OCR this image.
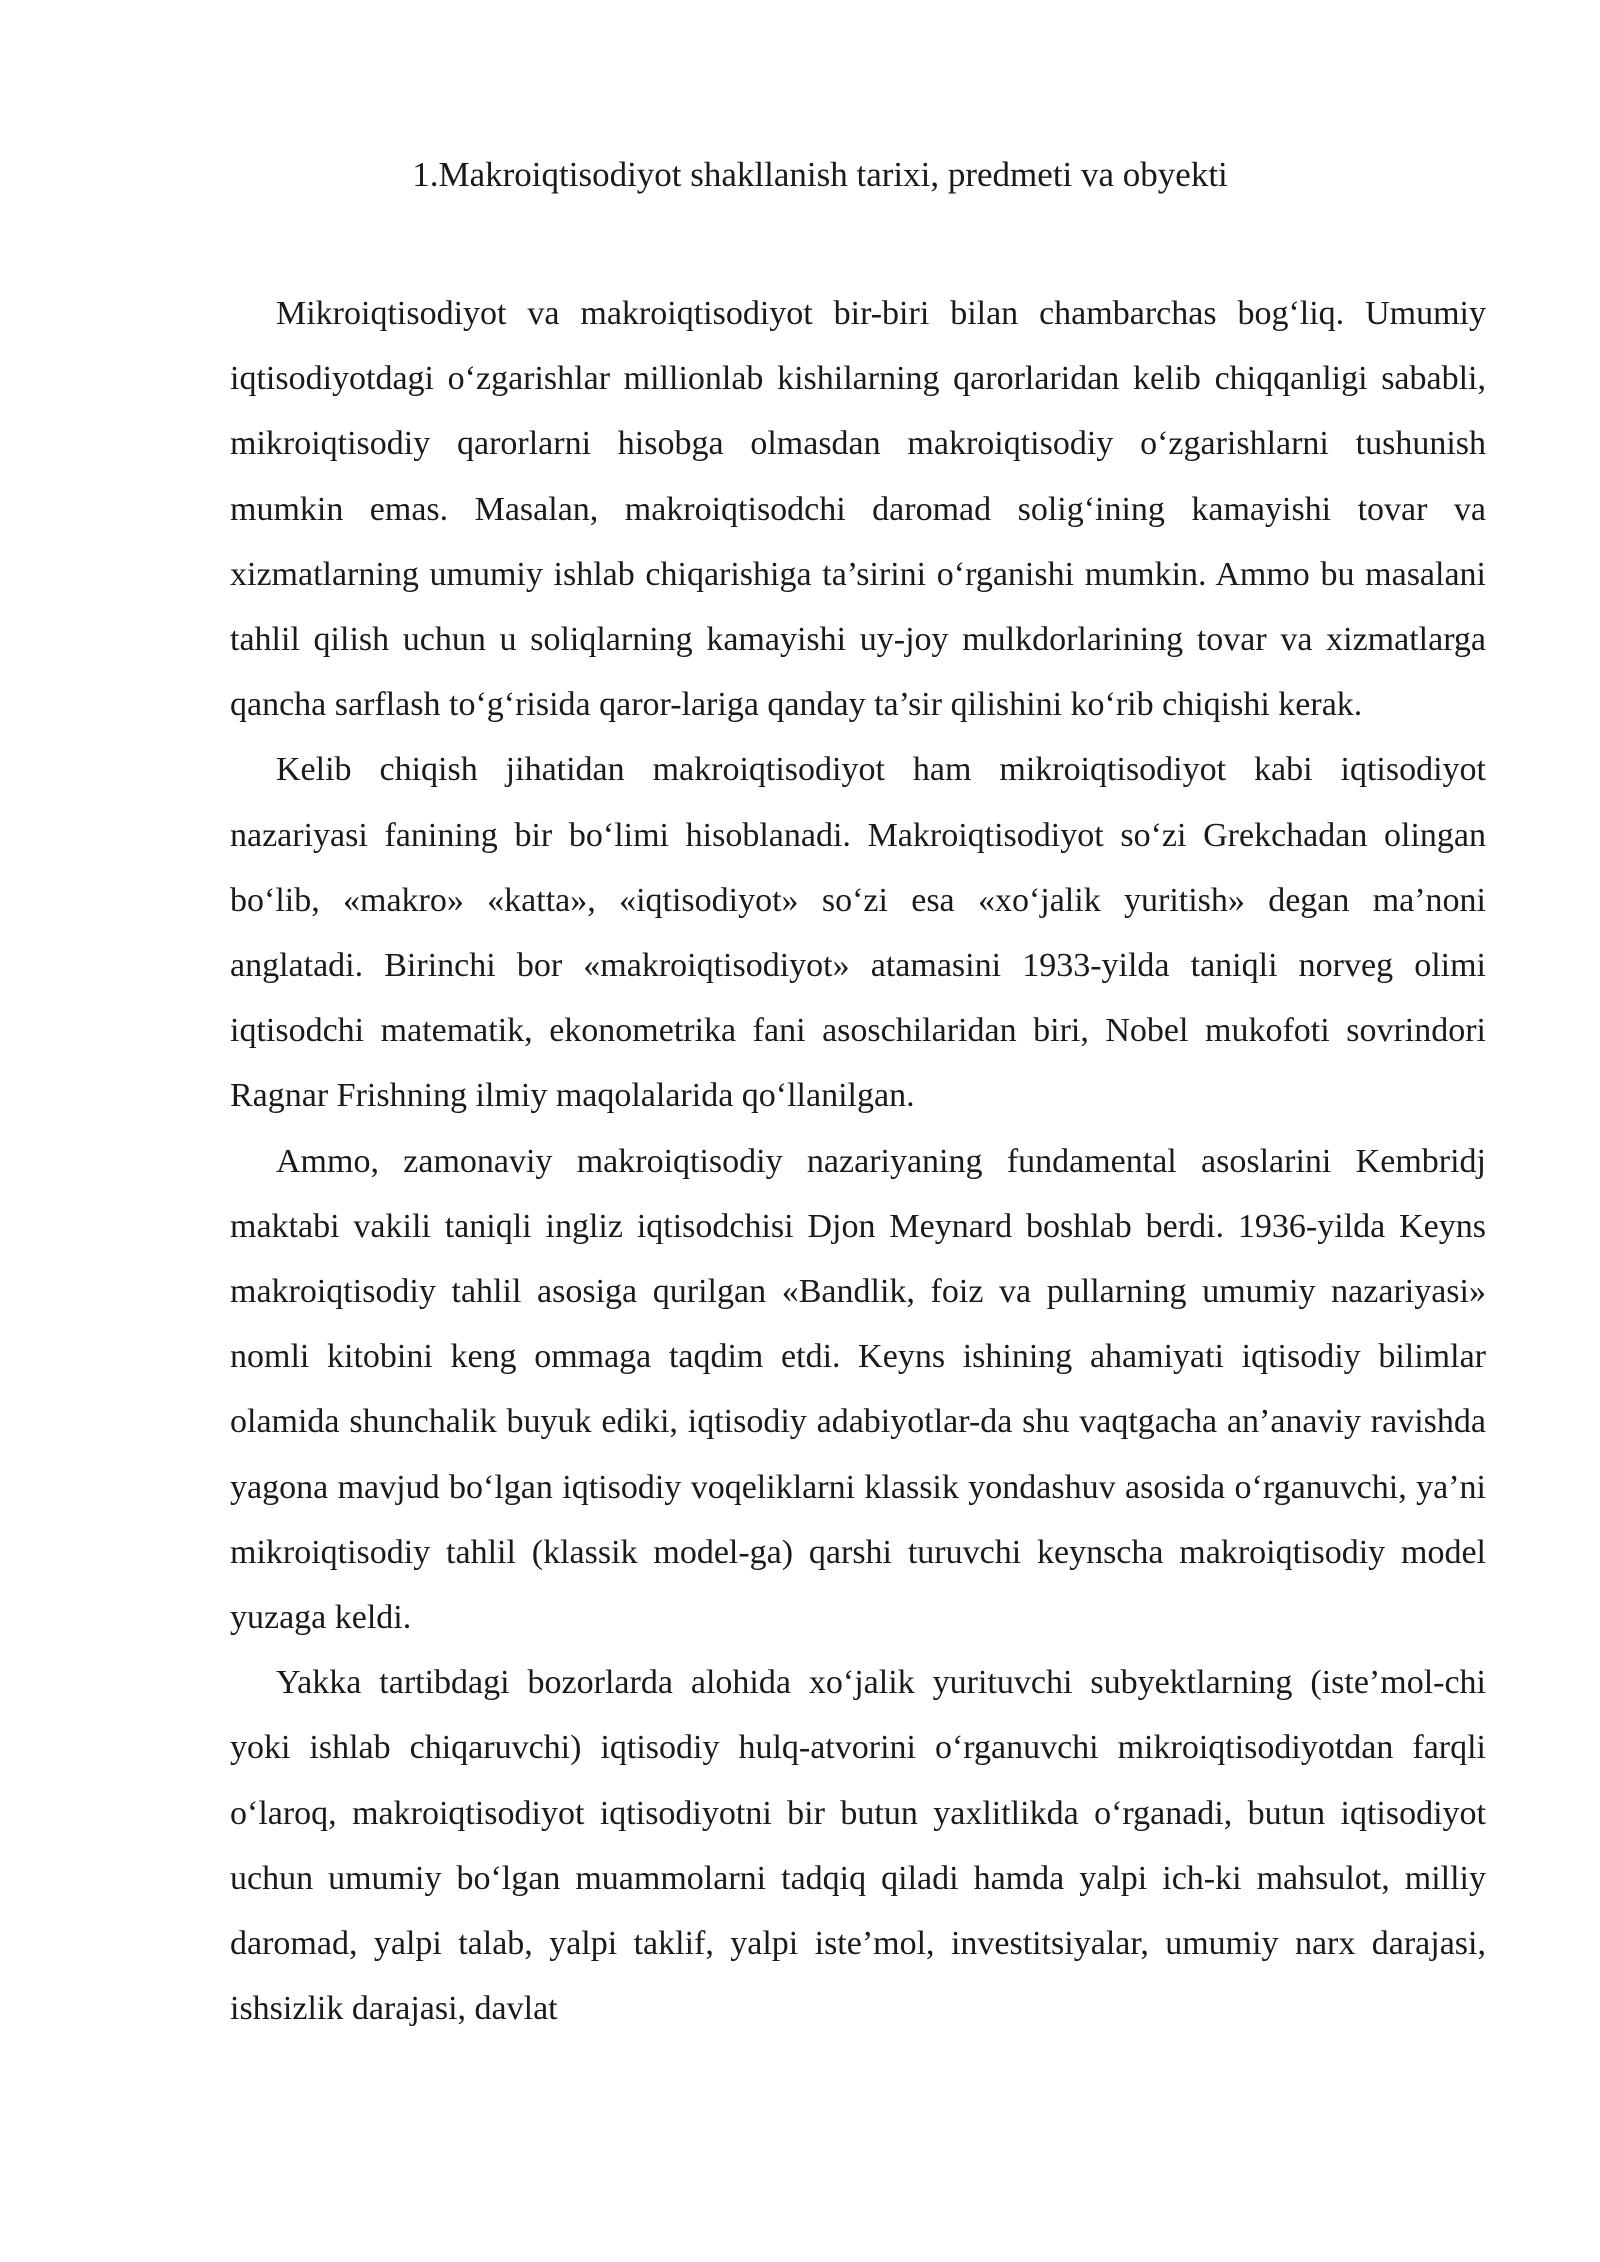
1.Makroiqtisodiyot shakllanish tarixi, predmeti va obyekti

Mikroiqtisodiyot va makroiqtisodiyot bir-biri bilan chambarchas bog‘liq. Umumiy iqtisodiyotdagi o‘zgarishlar millionlab kishilarning qarorlaridan kelib chiqqanligi sababli, mikroiqtisodiy qarorlarni hisobga olmasdan makroiqtisodiy o‘zgarishlarni tushunish mumkin emas. Masalan, makroiqtisodchi daromad solig‘ining kamayishi tovar va xizmatlarning umumiy ishlab chiqarishiga ta’sirini o‘rganishi mumkin. Ammo bu masalani tahlil qilish uchun u soliqlarning kamayishi uy-joy mulkdorlarining tovar va xizmatlarga qancha sarflash to‘g‘risida qaror-lariga qanday ta’sir qilishini ko‘rib chiqishi kerak.

Kelib chiqish jihatidan makroiqtisodiyot ham mikroiqtisodiyot kabi iqtisodiyot nazariyasi fanining bir bo‘limi hisoblanadi. Makroiqtisodiyot so‘zi Grekchadan olingan bo‘lib, «makro» «katta», «iqtisodiyot» so‘zi esa «xo‘jalik yuritish» degan ma’noni anglatadi. Birinchi bor «makroiqtisodiyot» atamasini 1933-yilda taniqli norveg olimi iqtisodchi matematik, ekonometrika fani asoschilaridan biri, Nobel mukofoti sovrindori Ragnar Frishning ilmiy maqolalarida qo‘llanilgan.

Ammo, zamonaviy makroiqtisodiy nazariyaning fundamental asoslarini Kembridj maktabi vakili taniqli ingliz iqtisodchisi Djon Meynard boshlab berdi. 1936-yilda Keyns makroiqtisodiy tahlil asosiga qurilgan «Bandlik, foiz va pullarning umumiy nazariyasi» nomli kitobini keng ommaga taqdim etdi. Keyns ishining ahamiyati iqtisodiy bilimlar olamida shunchalik buyuk ediki, iqtisodiy adabiyotlar-da shu vaqtgacha an’anaviy ravishda yagona mavjud bo‘lgan iqtisodiy voqeliklarni klassik yondashuv asosida o‘rganuvchi, ya’ni mikroiqtisodiy tahlil (klassik model-ga) qarshi turuvchi keynscha makroiqtisodiy model yuzaga keldi.

Yakka tartibdagi bozorlarda alohida xo‘jalik yurituvchi subyektlarning (iste’mol-chi yoki ishlab chiqaruvchi) iqtisodiy hulq-atvorini o‘rganuvchi mikroiqtisodiyotdan farqli o‘laroq, makroiqtisodiyot iqtisodiyotni bir butun yaxlitlikda o‘rganadi, butun iqtisodiyot uchun umumiy bo‘lgan muammolarni tadqiq qiladi hamda yalpi ich-ki mahsulot, milliy daromad, yalpi talab, yalpi taklif, yalpi iste’mol, investitsiyalar, umumiy narx darajasi, ishsizlik darajasi, davlat
